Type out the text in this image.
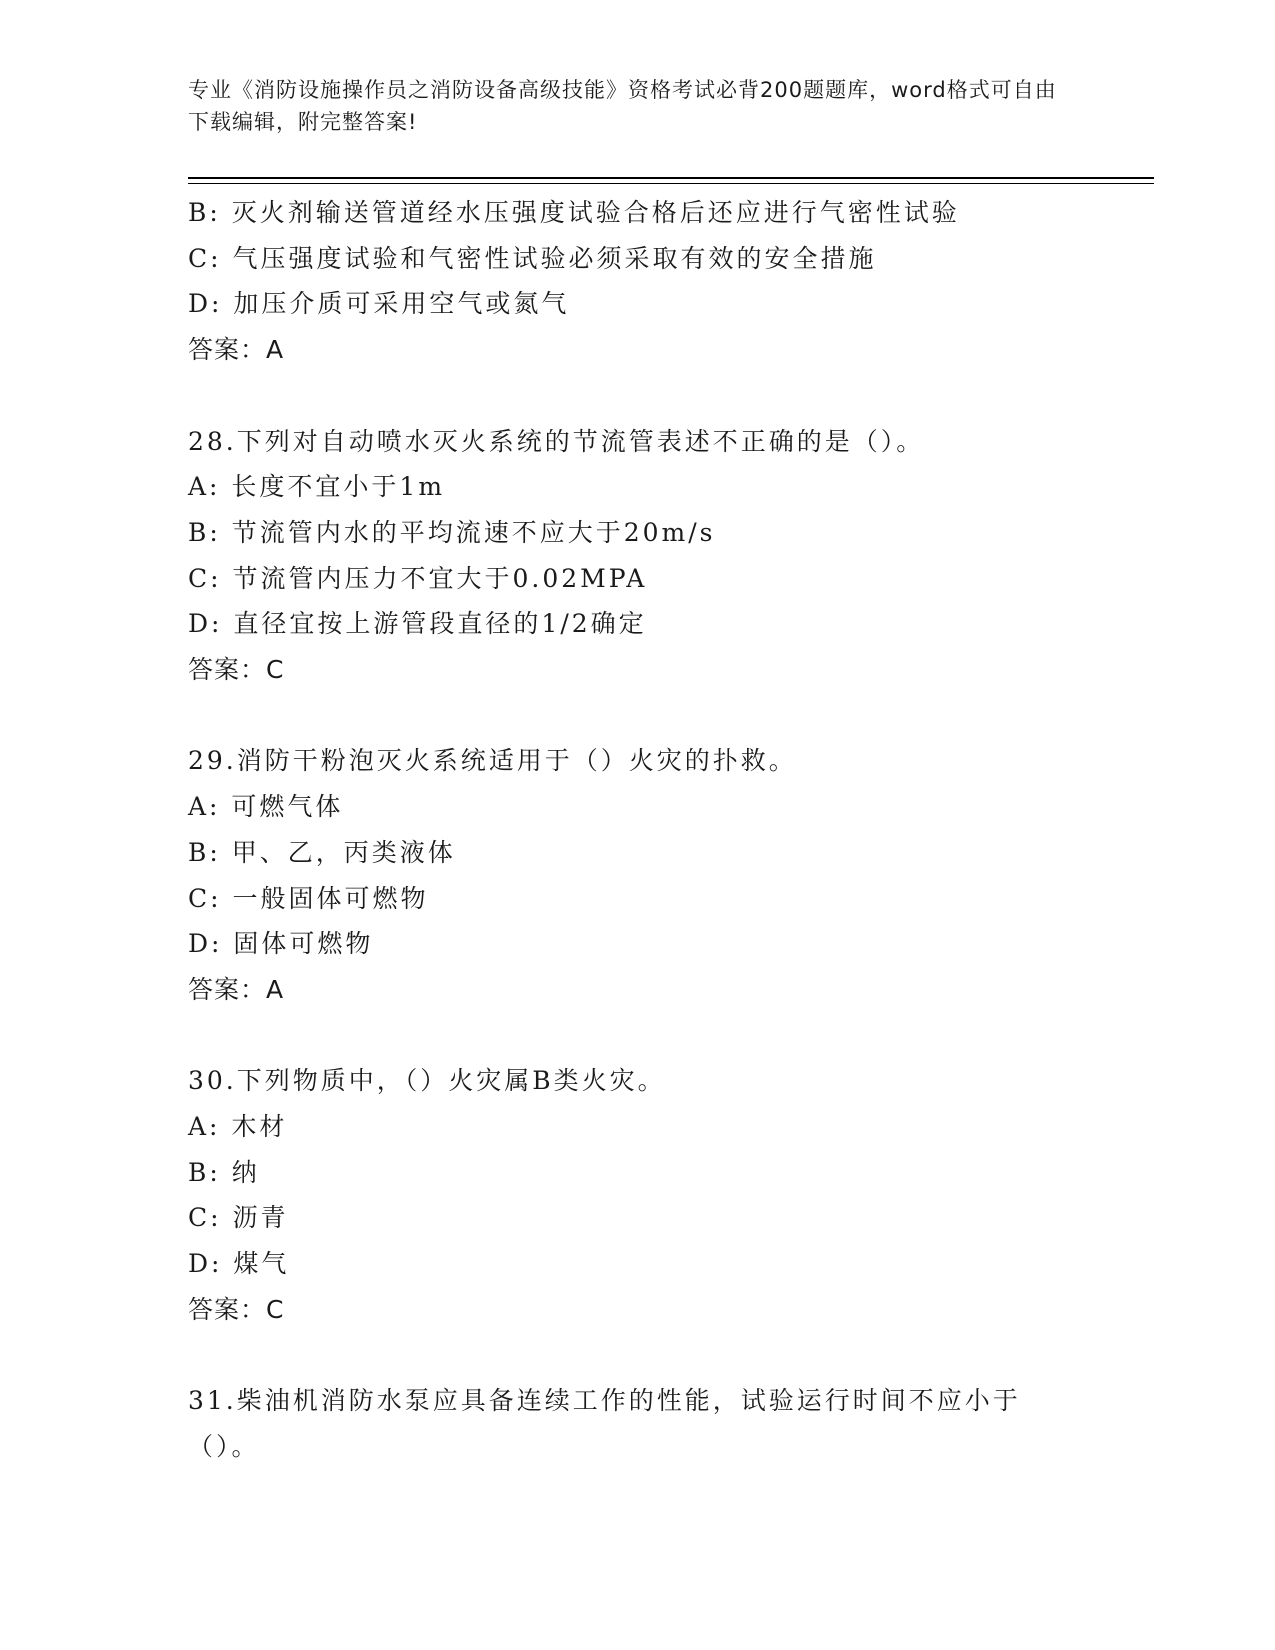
专业《消防设施操作员之消防设备高级技能》资格考试必背200题题库，word格式可自由下载编辑，附完整答案!
B: 灭火剂输送管道经水压强度试验合格后还应进行气密性试验
C: 气压强度试验和气密性试验必须采取有效的安全措施
D: 加压介质可采用空气或氮气
答案：A
28.下列对自动喷水灭火系统的节流管表述不正确的是（）。
A: 长度不宜小于1m
B: 节流管内水的平均流速不应大于20m/s
C: 节流管内压力不宜大于0.02MPA
D: 直径宜按上游管段直径的1/2确定
答案：C
29.消防干粉泡灭火系统适用于（）火灾的扑救。
A: 可燃气体
B: 甲、乙，丙类液体
C: 一般固体可燃物
D: 固体可燃物
答案：A
30.下列物质中，（）火灾属B类火灾。
A: 木材
B: 纳
C: 沥青
D: 煤气
答案：C
31.柴油机消防水泵应具备连续工作的性能，试验运行时间不应小于（）。
